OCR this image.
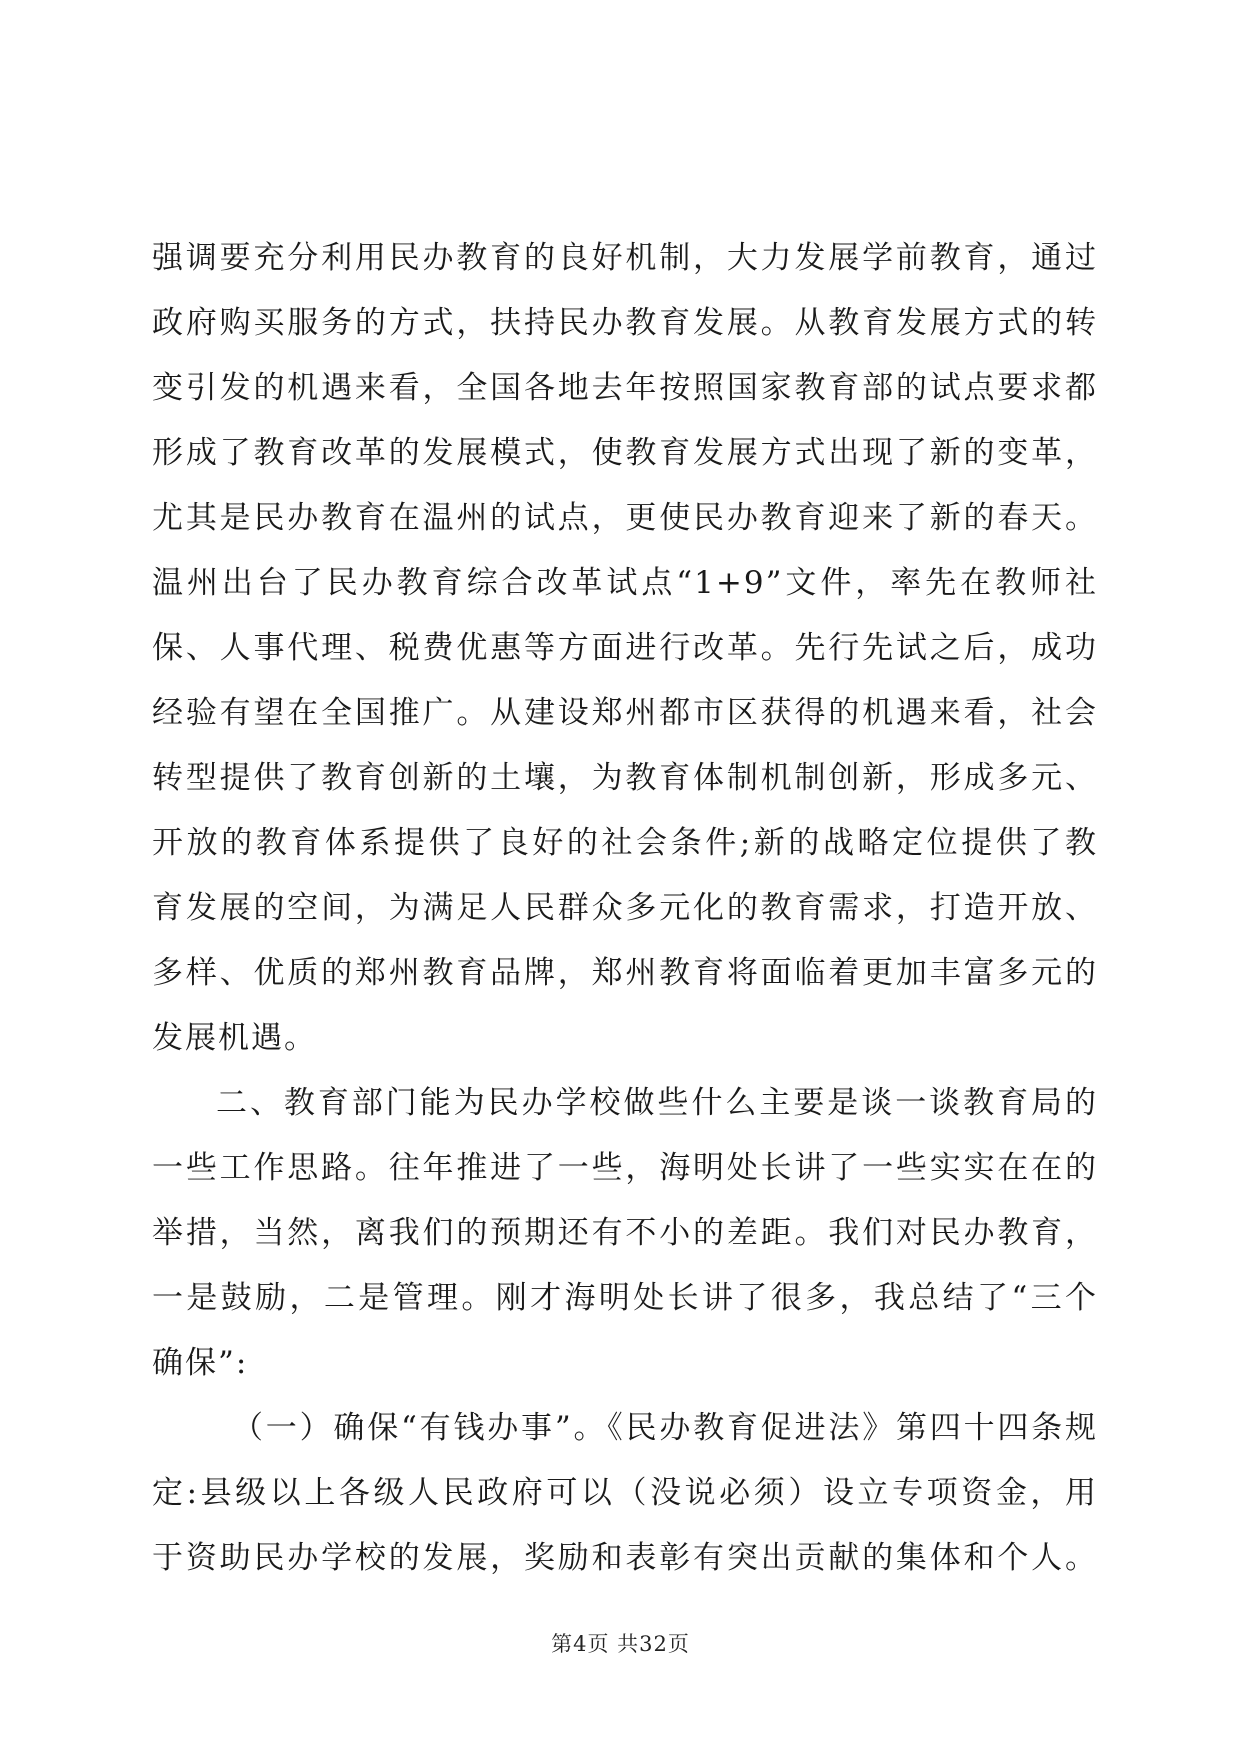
强调要充分利用民办教育的良好机制，大力发展学前教育，通过
政府购买服务的方式，扶持民办教育发展。从教育发展方式的转
变引发的机遇来看，全国各地去年按照国家教育部的试点要求都
形成了教育改革的发展模式，使教育发展方式出现了新的变革，
尤其是民办教育在温州的试点，更使民办教育迎来了新的春天。
温州出台了民办教育综合改革试点“1+9”文件，率先在教师社
保、人事代理、税费优惠等方面进行改革。先行先试之后，成功
经验有望在全国推广。从建设郑州都市区获得的机遇来看，社会
转型提供了教育创新的土壤，为教育体制机制创新，形成多元、
开放的教育体系提供了良好的社会条件;新的战略定位提供了教
育发展的空间，为满足人民群众多元化的教育需求，打造开放、
多样、优质的郑州教育品牌，郑州教育将面临着更加丰富多元的
发展机遇。
二、教育部门能为民办学校做些什么主要是谈一谈教育局的
一些工作思路。往年推进了一些，海明处长讲了一些实实在在的
举措，当然，离我们的预期还有不小的差距。我们对民办教育，
一是鼓励，二是管理。刚才海明处长讲了很多，我总结了“三个
确保”:
（一）确保“有钱办事”。《民办教育促进法》第四十四条规
定:县级以上各级人民政府可以（没说必须）设立专项资金，用
于资助民办学校的发展，奖励和表彰有突出贡献的集体和个人。
第4页 共32页
